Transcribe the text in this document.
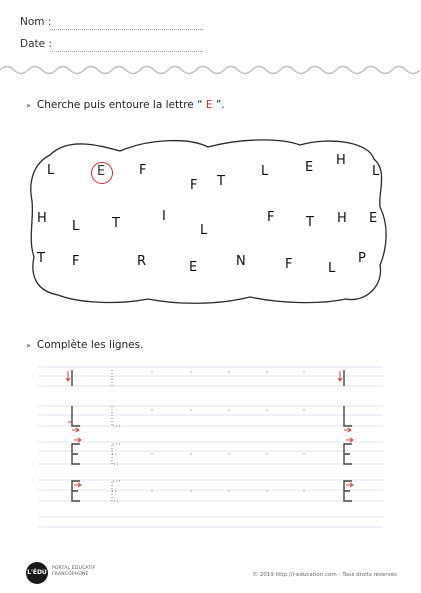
Nom :
Date :
» Cherche puis entoure la lettre “ E ”.
L	E	F
F T
L	E H
L
H
L	T	I
L
F T H E
T F	R	E	N	F	L
P
» Complète les lignes.
L'ÉDU
PORTAL ÉDUCATIF
FRANCOPHONE	© 2019 http://l-education.com - Tous droits réservés
